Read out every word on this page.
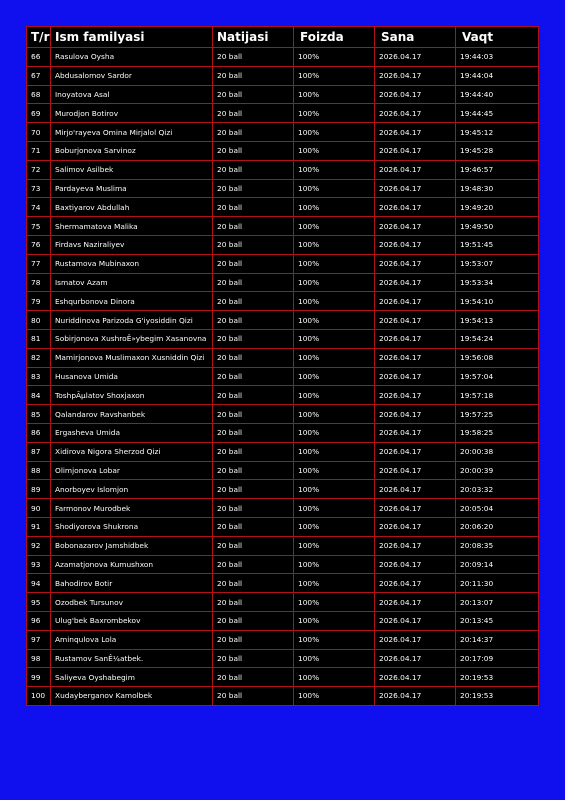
T/r	Ism familyasi	Natijasi	Foizda	Sana	Vaqt
66	Rasulova Oysha	20 ball	100%	2026.04.17	19:44:03
67	Abdusalomov Sardor	20 ball	100%	2026.04.17	19:44:04
68	Inoyatova Asal	20 ball	100%	2026.04.17	19:44:40
69	Murodjon Botirov	20 ball	100%	2026.04.17	19:44:45
70	Mirjo'rayeva Omina Mirjalol Qizi	20 ball	100%	2026.04.17	19:45:12
71	Boburjonova Sarvinoz	20 ball	100%	2026.04.17	19:45:28
72	Salimov Asilbek	20 ball	100%	2026.04.17	19:46:57
73	Pardayeva Muslima	20 ball	100%	2026.04.17	19:48:30
74	Baxtiyarov Abdullah	20 ball	100%	2026.04.17	19:49:20
75	Shermamatova Malika	20 ball	100%	2026.04.17	19:49:50
76	Firdavs Naziraliyev	20 ball	100%	2026.04.17	19:51:45
77	Rustamova Mubinaxon	20 ball	100%	2026.04.17	19:53:07
78	Ismatov Azam	20 ball	100%	2026.04.17	19:53:34
79	Eshqurbonova Dinora	20 ball	100%	2026.04.17	19:54:10
80	Nuriddinova Parizoda G'iyosiddin Qizi	20 ball	100%	2026.04.17	19:54:13
81	Sobirjonova XushroÊ»ybegim Xasanovna	20 ball	100%	2026.04.17	19:54:24
82	Mamirjonova Muslimaxon Xusniddin Qizi	20 ball	100%	2026.04.17	19:56:08
83	Husanova Umida	20 ball	100%	2026.04.17	19:57:04
84	ToshpÃµlatov Shoxjaxon	20 ball	100%	2026.04.17	19:57:18
85	Qalandarov Ravshanbek	20 ball	100%	2026.04.17	19:57:25
86	Ergasheva Umida	20 ball	100%	2026.04.17	19:58:25
87	Xidirova Nigora Sherzod Qizi	20 ball	100%	2026.04.17	20:00:38
88	Olimjonova Lobar	20 ball	100%	2026.04.17	20:00:39
89	Anorboyev Islomjon	20 ball	100%	2026.04.17	20:03:32
90	Farmonov Murodbek	20 ball	100%	2026.04.17	20:05:04
91	Shodiyorova Shukrona	20 ball	100%	2026.04.17	20:06:20
92	Bobonazarov Jamshidbek	20 ball	100%	2026.04.17	20:08:35
93	Azamatjonova Kumushxon	20 ball	100%	2026.04.17	20:09:14
94	Bahodirov Botir	20 ball	100%	2026.04.17	20:11:30
95	Ozodbek Tursunov	20 ball	100%	2026.04.17	20:13:07
96	Ulug'bek Baxrombekov	20 ball	100%	2026.04.17	20:13:45
97	Aminqulova Lola	20 ball	100%	2026.04.17	20:14:37
98	Rustamov SanÊ¼atbek.	20 ball	100%	2026.04.17	20:17:09
99	Saliyeva Oyshabegim	20 ball	100%	2026.04.17	20:19:53
100	Xudayberganov Kamolbek	20 ball	100%	2026.04.17	20:19:53
